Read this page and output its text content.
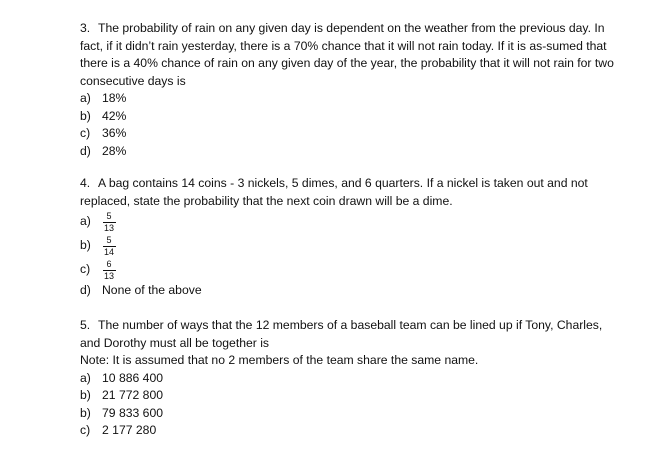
3. The probability of rain on any given day is dependent on the weather from the previous day. In fact, if it didn’t rain yesterday, there is a 70% chance that it will not rain today. If it is as-sumed that there is a 40% chance of rain on any given day of the year, the probability that it will not rain for two consecutive days is

a) 18%
b) 42%
c) 36%
d) 28%

4. A bag contains 14 coins - 3 nickels, 5 dimes, and 6 quarters. If a nickel is taken out and not replaced, state the probability that the next coin drawn will be a dime.

a)	$\frac{5}{13}$
b)	$\frac{5}{14}$
c)	$\frac{6}{13}$
d) None of the above

5. The number of ways that the 12 members of a baseball team can be lined up if Tony, Charles, and Dorothy must all be together is

Note: It is assumed that no 2 members of the team share the same name.

a) 10 886 400
b) 21 772 800
b) 79 833 600
c) 2 177 280
